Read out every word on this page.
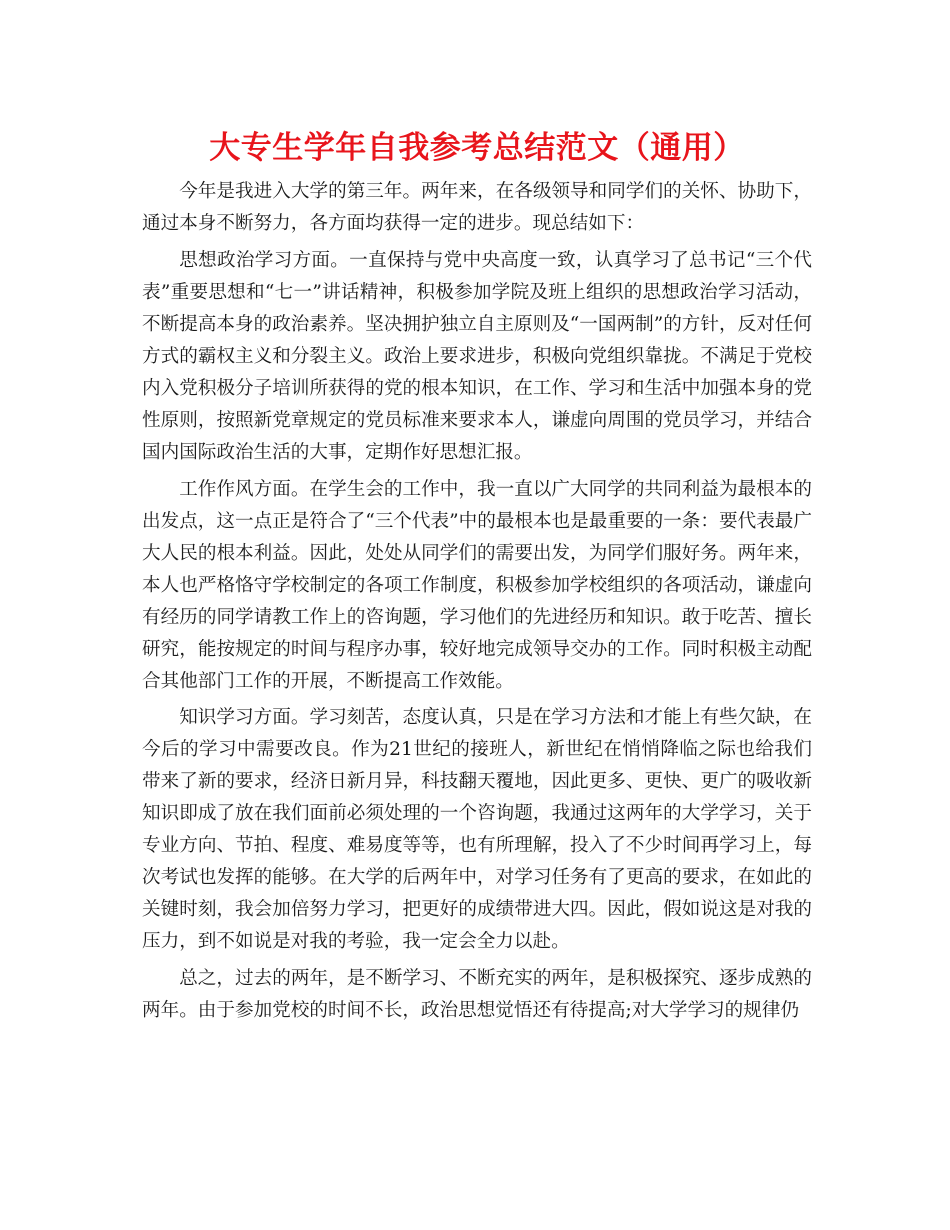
大专生学年自我参考总结范文（通用）

今年是我进入大学的第三年。两年来，在各级领导和同学们的关怀、协助下，通过本身不断努力，各方面均获得一定的进步。现总结如下：

思想政治学习方面。一直保持与党中央高度一致，认真学习了总书记“三个代表”重要思想和“七一”讲话精神，积极参加学院及班上组织的思想政治学习活动，不断提高本身的政治素养。坚决拥护独立自主原则及“一国两制”的方针，反对任何方式的霸权主义和分裂主义。政治上要求进步，积极向党组织靠拢。不满足于党校内入党积极分子培训所获得的党的根本知识，在工作、学习和生活中加强本身的党性原则，按照新党章规定的党员标准来要求本人，谦虚向周围的党员学习，并结合国内国际政治生活的大事，定期作好思想汇报。

工作作风方面。在学生会的工作中，我一直以广大同学的共同利益为最根本的出发点，这一点正是符合了“三个代表”中的最根本也是最重要的一条：要代表最广大人民的根本利益。因此，处处从同学们的需要出发，为同学们服好务。两年来，本人也严格恪守学校制定的各项工作制度，积极参加学校组织的各项活动，谦虚向有经历的同学请教工作上的咨询题，学习他们的先进经历和知识。敢于吃苦、擅长研究，能按规定的时间与程序办事，较好地完成领导交办的工作。同时积极主动配合其他部门工作的开展，不断提高工作效能。

知识学习方面。学习刻苦，态度认真，只是在学习方法和才能上有些欠缺，在今后的学习中需要改良。作为21世纪的接班人，新世纪在悄悄降临之际也给我们带来了新的要求，经济日新月异，科技翻天覆地，因此更多、更快、更广的吸收新知识即成了放在我们面前必须处理的一个咨询题，我通过这两年的大学学习，关于专业方向、节拍、程度、难易度等等，也有所理解，投入了不少时间再学习上，每次考试也发挥的能够。在大学的后两年中，对学习任务有了更高的要求，在如此的关键时刻，我会加倍努力学习，把更好的成绩带进大四。因此，假如说这是对我的压力，到不如说是对我的考验，我一定会全力以赴。

总之，过去的两年，是不断学习、不断充实的两年，是积极探究、逐步成熟的两年。由于参加党校的时间不长，政治思想觉悟还有待提高;对大学学习的规律仍
